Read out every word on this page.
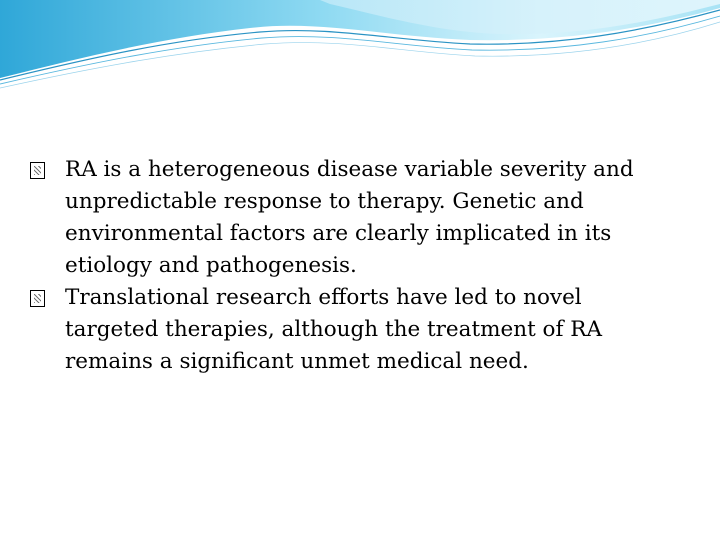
RA is a heterogeneous disease variable severity and unpredictable response to therapy. Genetic and environmental factors are clearly implicated in its etiology and pathogenesis.

Translational research efforts have led to novel targeted therapies, although the treatment of RA remains a significant unmet medical need.
